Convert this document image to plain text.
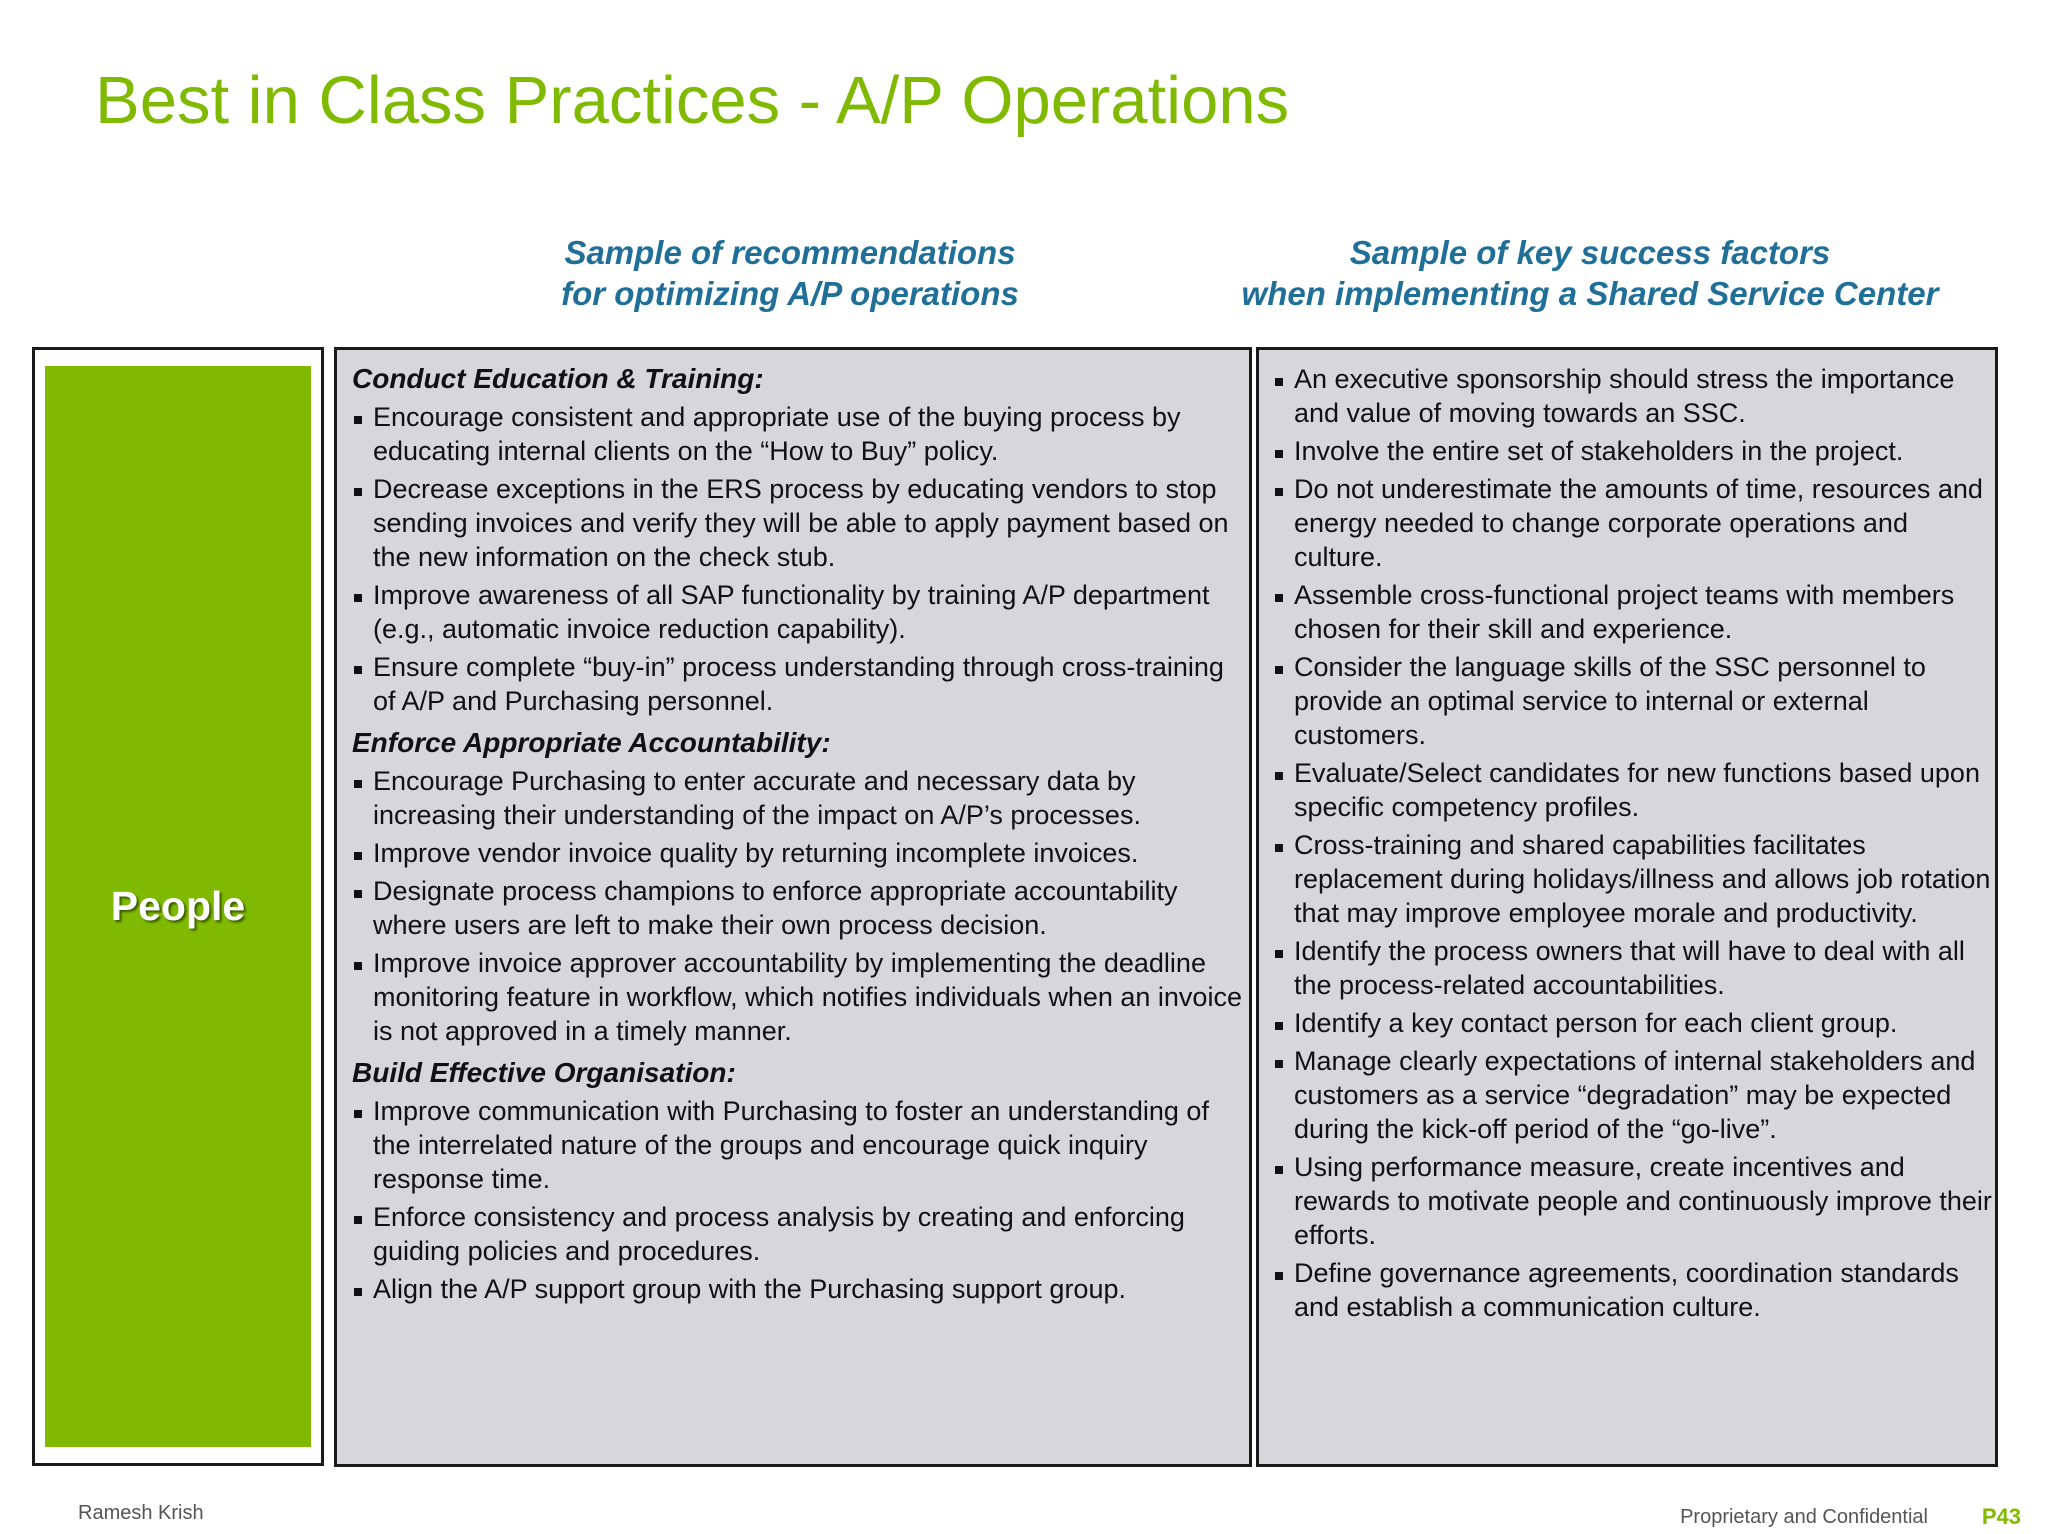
Best in Class Practices - A/P Operations
Sample of recommendations
for optimizing A/P operations
Sample of key success factors
when implementing a Shared Service Center
People
Conduct Education & Training:
Encourage consistent and appropriate use of the buying process by educating internal clients on the “How to Buy” policy.
Decrease exceptions in the ERS process by educating vendors to stop sending invoices and verify they will be able to apply payment based on the new information on the check stub.
Improve awareness of all SAP functionality by training A/P department (e.g., automatic invoice reduction capability).
Ensure complete “buy-in” process understanding through cross-training of A/P and Purchasing personnel.
Enforce Appropriate Accountability:
Encourage Purchasing to enter accurate and necessary data by increasing their understanding of the impact on A/P’s processes.
Improve vendor invoice quality by returning incomplete invoices.
Designate process champions to enforce appropriate accountability where users are left to make their own process decision.
Improve invoice approver accountability by implementing the deadline monitoring feature in workflow, which notifies individuals when an invoice is not approved in a timely manner.
Build Effective Organisation:
Improve communication with Purchasing to foster an understanding of the interrelated nature of the groups and encourage quick inquiry response time.
Enforce consistency and process analysis by creating and enforcing guiding policies and procedures.
Align the A/P support group with the Purchasing support group.
An executive sponsorship should stress the importance and value of moving towards an SSC.
Involve the entire set of stakeholders in the project.
Do not underestimate the amounts of time, resources and energy needed to change corporate operations and culture.
Assemble cross-functional project teams with members chosen for their skill and experience.
Consider the language skills of the SSC personnel to provide an optimal service to internal or external customers.
Evaluate/Select candidates for new functions based upon specific competency profiles.
Cross-training and shared capabilities facilitates replacement during holidays/illness and allows job rotation that may improve employee morale and productivity.
Identify the process owners that will have to deal with all the process-related accountabilities.
Identify a key contact person for each client group.
Manage clearly expectations of internal stakeholders and customers as a service “degradation” may be expected during the kick-off period of the “go-live”.
Using performance measure, create incentives and rewards to motivate people and continuously improve their efforts.
Define governance agreements, coordination standards and establish a communication culture.
Ramesh Krish	Proprietary and Confidential P43
